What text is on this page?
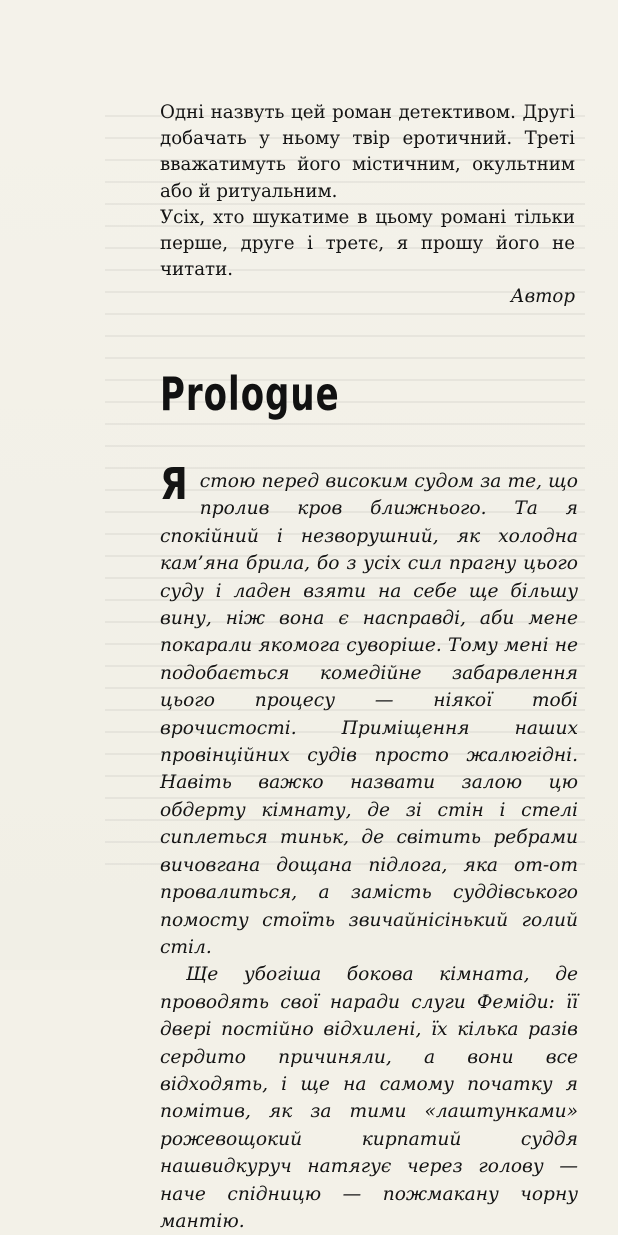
Одні назвуть цей роман детективом. Другі добачать у ньому твір еротичний. Треті вважатимуть його містичним, окультним або й ритуальним.

Усіх, хто шукатиме в цьому романі тільки перше, друге і третє, я прошу його не читати.

Автор
Prologue

Ястою перед високим судом за те, що пролив кров ближнього. Та я спокійний і незворушний, як холодна кам’яна брила, бо з усіх сил прагну цього суду і ладен взяти на себе ще більшу вину, ніж вона є насправді, аби мене покарали якомога суворіше. Тому мені не подобається комедійне забарвлення цього процесу — ніякої тобі врочистості. Приміщення наших провінційних судів просто жалюгідні. Навіть важко назвати залою цю обдерту кімнату, де зі стін і стелі сиплеться тиньк, де світить ребрами вичовгана дощана підлога, яка от-от провалиться, а замість суддівського помосту стоїть звичайнісінький голий стіл.

Ще убогіша бокова кімната, де проводять свої наради слуги Феміди: її двері постійно відхилені, їх кілька разів сердито причиняли, а вони все відходять, і ще на самому початку я помітив, як за тими «лаштунками» рожевощокий кирпатий суддя нашвидкуруч натягує через голову — наче спідницю — пожмакану чорну мантію.
